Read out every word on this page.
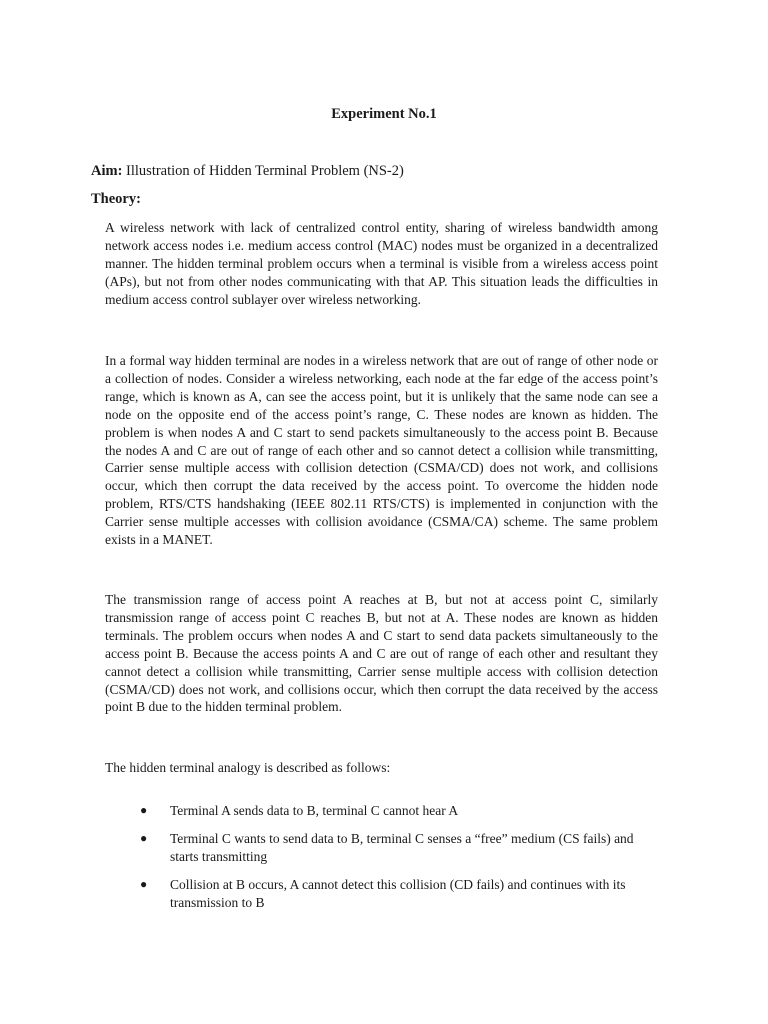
Experiment No.1
Aim: Illustration of Hidden Terminal Problem (NS-2)
Theory:
A wireless network with lack of centralized control entity, sharing of wireless bandwidth among network access nodes i.e. medium access control (MAC) nodes must be organized in a decentralized manner. The hidden terminal problem occurs when a terminal is visible from a wireless access point (APs), but not from other nodes communicating with that AP. This situation leads the difficulties in medium access control sublayer over wireless networking.
In a formal way hidden terminal are nodes in a wireless network that are out of range of other node or a collection of nodes. Consider a wireless networking, each node at the far edge of the access point’s range, which is known as A, can see the access point, but it is unlikely that the same node can see a node on the opposite end of the access point’s range, C. These nodes are known as hidden. The problem is when nodes A and C start to send packets simultaneously to the access point B. Because the nodes A and C are out of range of each other and so cannot detect a collision while transmitting, Carrier sense multiple access with collision detection (CSMA/CD) does not work, and collisions occur, which then corrupt the data received by the access point. To overcome the hidden node problem, RTS/CTS handshaking (IEEE 802.11 RTS/CTS) is implemented in conjunction with the Carrier sense multiple accesses with collision avoidance (CSMA/CA) scheme. The same problem exists in a MANET.
The transmission range of access point A reaches at B, but not at access point C, similarly transmission range of access point C reaches B, but not at A. These nodes are known as hidden terminals. The problem occurs when nodes A and C start to send data packets simultaneously to the access point B. Because the access points A and C are out of range of each other and resultant they cannot detect a collision while transmitting, Carrier sense multiple access with collision detection (CSMA/CD) does not work, and collisions occur, which then corrupt the data received by the access point B due to the hidden terminal problem.
The hidden terminal analogy is described as follows:
●	Terminal A sends data to B, terminal C cannot hear A
●	Terminal C wants to send data to B, terminal C senses a “free” medium (CS fails) and starts transmitting
●	Collision at B occurs, A cannot detect this collision (CD fails) and continues with its transmission to B
